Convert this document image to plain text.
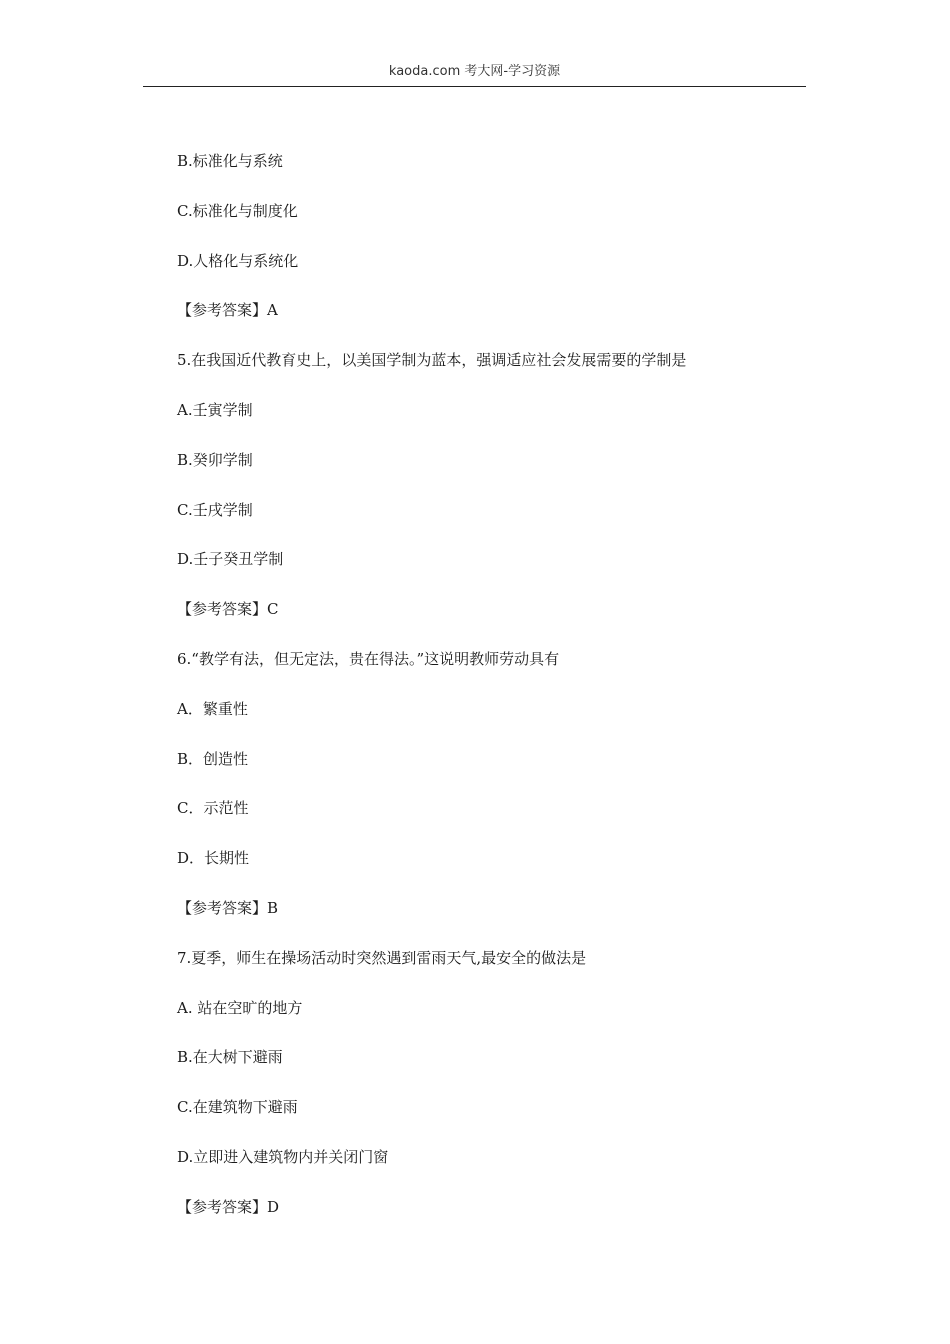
kaoda.com 考大网-学习资源
B.标准化与系统
C.标准化与制度化
D.人格化与系统化
【参考答案】A
5.在我国近代教育史上，以美国学制为蓝本，强调适应社会发展需要的学制是
A.壬寅学制
B.癸卯学制
C.壬戌学制
D.壬子癸丑学制
【参考答案】C
6.“教学有法，但无定法，贵在得法。”这说明教师劳动具有
A．繁重性
B．创造性
C．示范性
D．长期性
【参考答案】B
7.夏季，师生在操场活动时突然遇到雷雨天气,最安全的做法是
A. 站在空旷的地方
B.在大树下避雨
C.在建筑物下避雨
D.立即进入建筑物内并关闭门窗
【参考答案】D
